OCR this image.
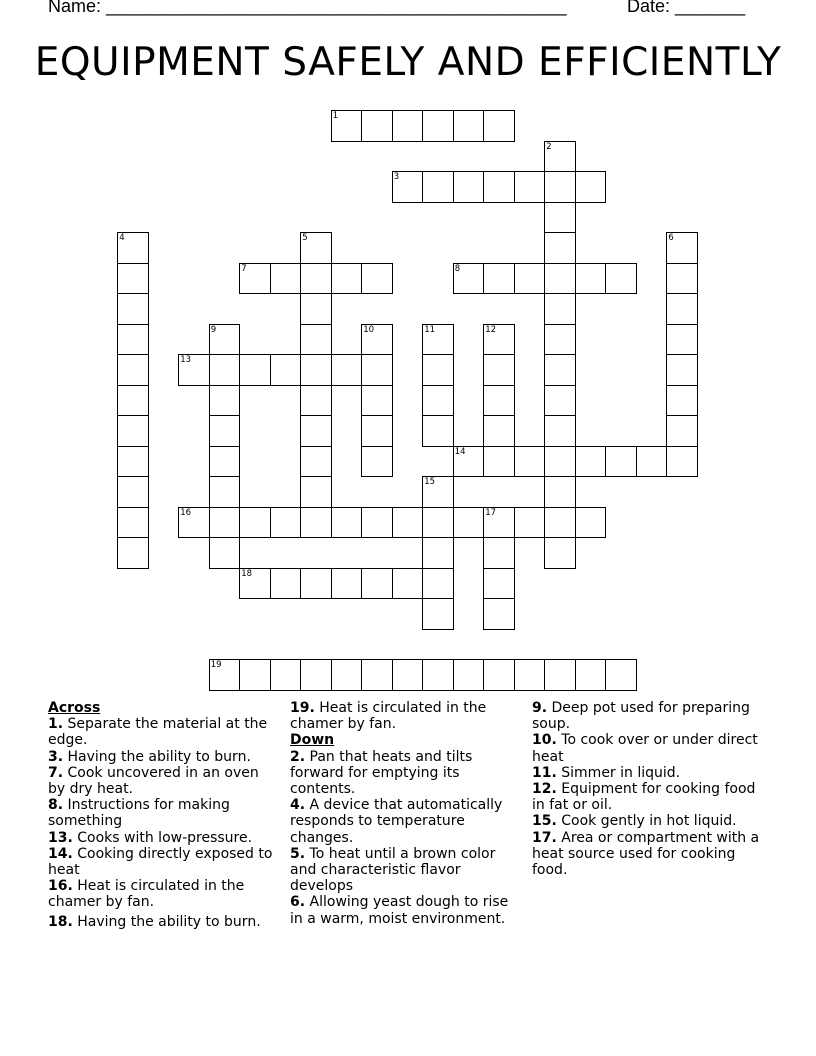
Name: ______________________________________________	Date: _______
EQUIPMENT SAFELY AND EFFICIENTLY
1
2
3
4	5	6
7	8
9	10	11	12
13
14
15
16	17
18
19

Across

1. Separate the material at the edge.
3. Having the ability to burn.
7. Cook uncovered in an oven by dry heat.
8. Instructions for making something
13. Cooks with low-pressure.
14. Cooking directly exposed to heat
16. Heat is circulated in the chamer by fan.
18. Having the ability to burn.
19. Heat is circulated in the chamer by fan.

Down

2. Pan that heats and tilts forward for emptying its contents.
4. A device that automatically responds to temperature changes.
5. To heat until a brown color and characteristic flavor develops
6. Allowing yeast dough to rise in a warm, moist environment.
9. Deep pot used for preparing soup.
10. To cook over or under direct heat
11. Simmer in liquid.
12. Equipment for cooking food in fat or oil.
15. Cook gently in hot liquid.
17. Area or compartment with a heat source used for cooking food.
